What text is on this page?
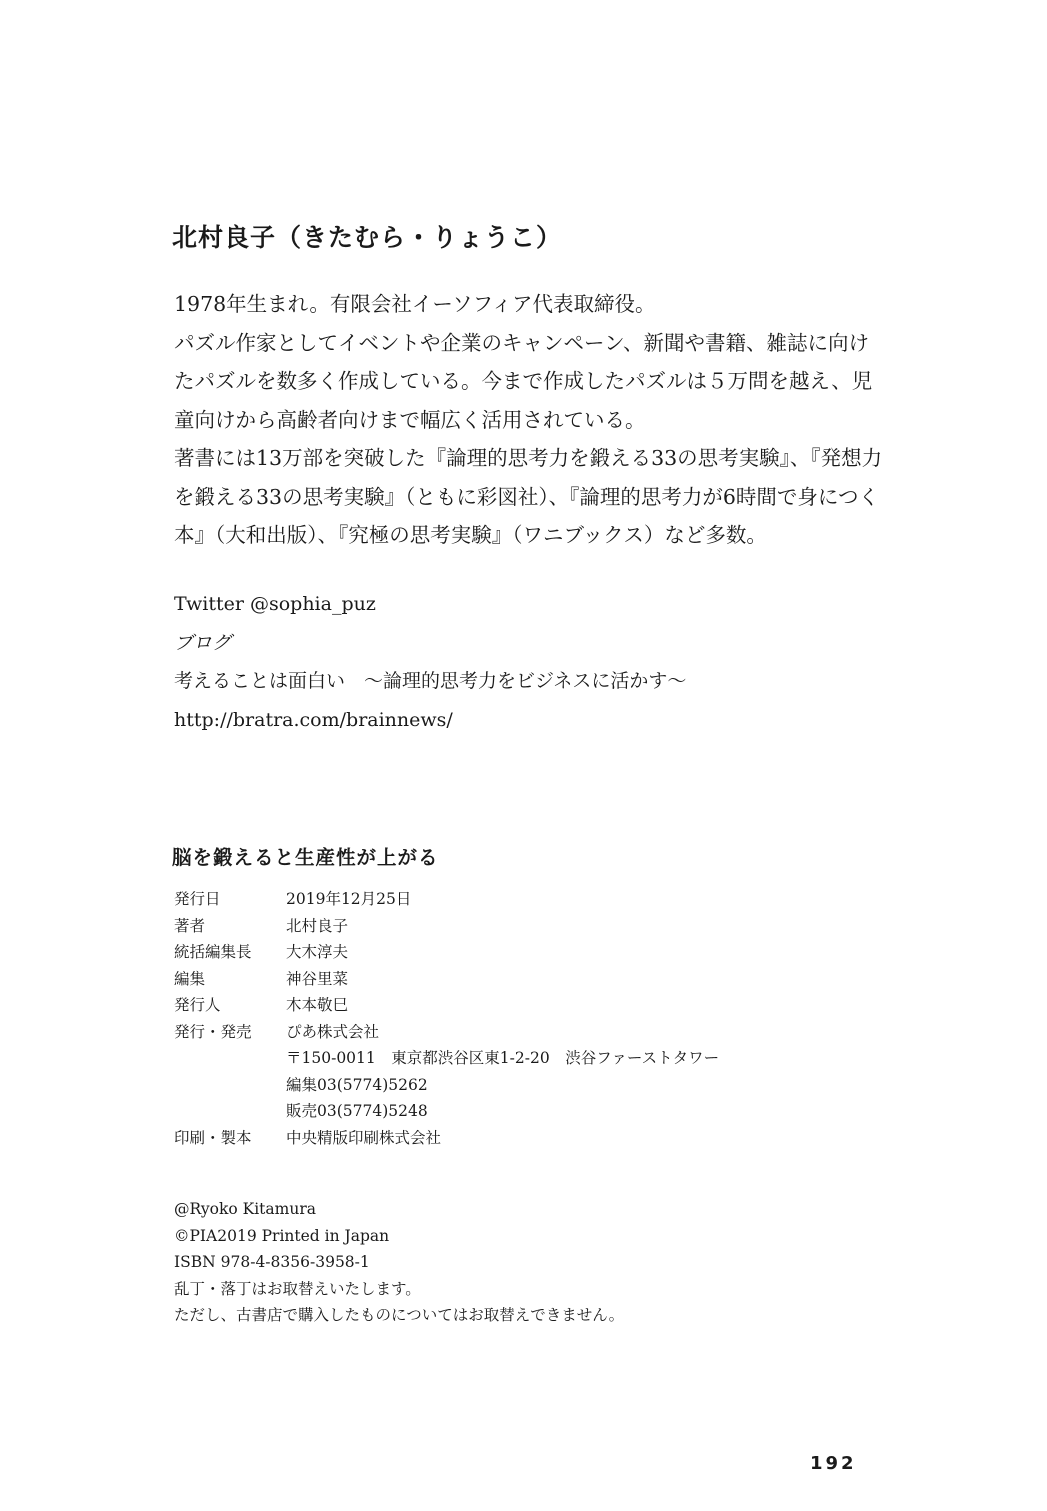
北村良子（きたむら・りょうこ）

1978年生まれ。有限会社イーソフィア代表取締役。

パズル作家としてイベントや企業のキャンペーン、新聞や書籍、雑誌に向け

たパズルを数多く作成している。今まで作成したパズルは５万問を越え、児

童向けから高齢者向けまで幅広く活用されている。

著書には13万部を突破した『論理的思考力を鍛える33の思考実験』、『発想力

を鍛える33の思考実験』（ともに彩図社）、『論理的思考力が6時間で身につく

本』（大和出版）、『究極の思考実験』（ワニブックス）など多数。

Twitter @sophia_puz
ブログ
考えることは面白い　〜論理的思考力をビジネスに活かす〜
http://bratra.com/brainnews/
脳を鍛えると生産性が上がる
発行日	2019年12月25日
著者	北村良子
統括編集長	大木淳夫
編集	神谷里菜
発行人	木本敬巳
発行・発売	ぴあ株式会社
〒150-0011　東京都渋谷区東1-2-20　渋谷ファーストタワー
編集03(5774)5262
販売03(5774)5248
印刷・製本	中央精版印刷株式会社
@Ryoko Kitamura
©PIA2019 Printed in Japan
ISBN 978-4-8356-3958-1
乱丁・落丁はお取替えいたします。
ただし、古書店で購入したものについてはお取替えできません。
192
